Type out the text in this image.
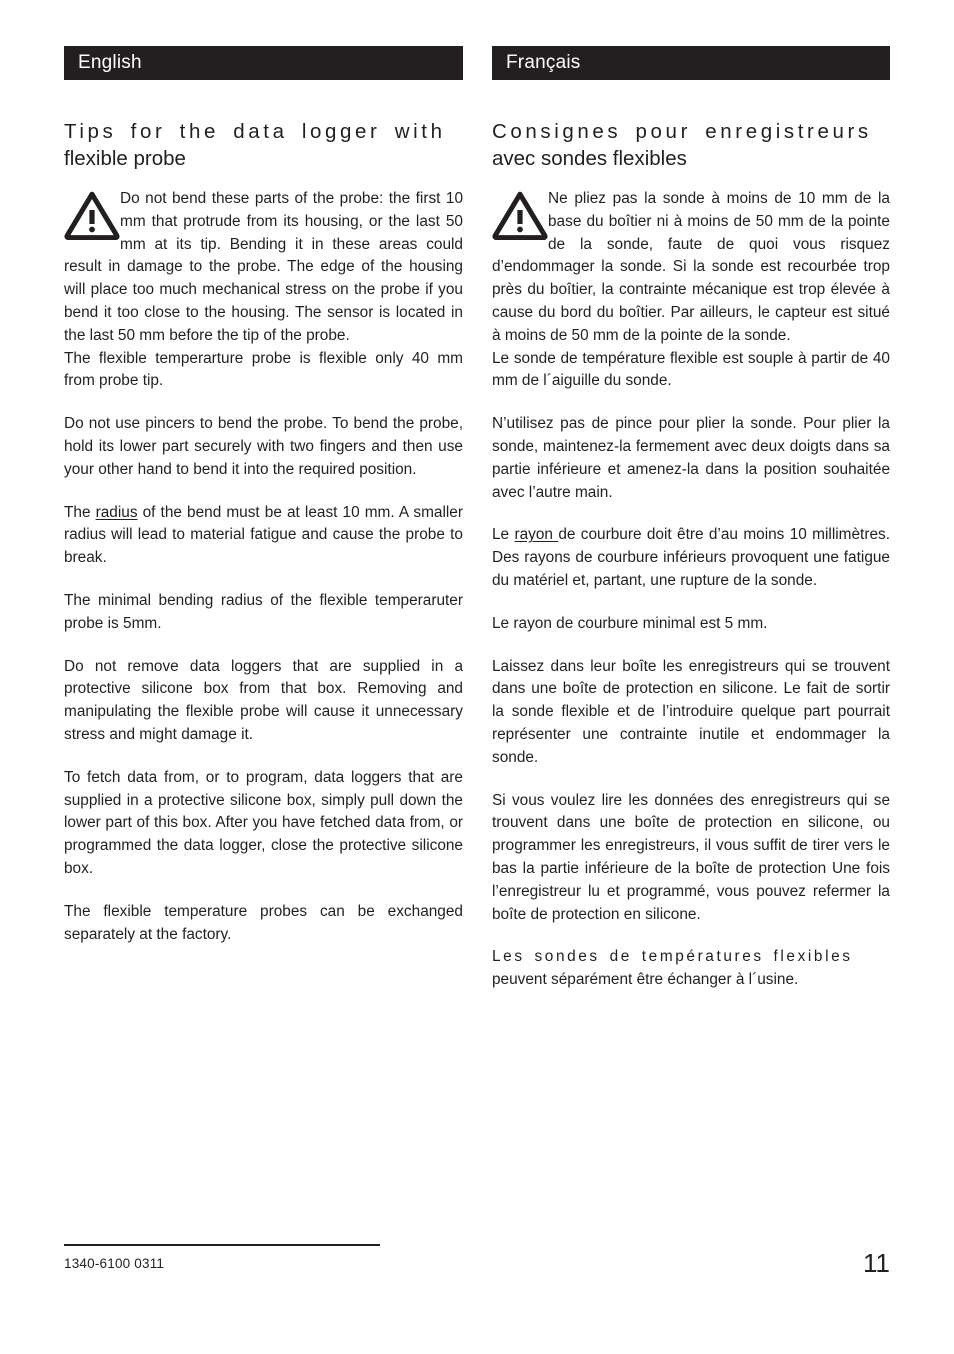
English	Français
Tips for the data logger with
flexible probe

Do not bend these parts of the probe: the first 10 mm that protrude from its housing, or the last 50 mm at its tip. Bending it in these areas could result in damage to the probe. The edge of the housing will place too much mechanical stress on the probe if you bend it too close to the housing. The sensor is located in the last 50 mm before the tip of the probe.

The flexible temperarture probe is flexible only 40 mm from probe tip.

Do not use pincers to bend the probe. To bend the probe, hold its lower part securely with two fingers and then use your other hand to bend it into the required position.

The radius of the bend must be at least 10 mm. A smaller radius will lead to material fatigue and cause the probe to break.

The minimal bending radius of the flexible temperaruter probe is 5mm.

Do not remove data loggers that are supplied in a protective silicone box from that box. Removing and manipulating the flexible probe will cause it unnecessary stress and might damage it.

To fetch data from, or to program, data loggers that are supplied in a protective silicone box, simply pull down the lower part of this box. After you have fetched data from, or programmed the data logger, close the protective silicone box.

The flexible temperature probes can be exchanged separately at the factory.

Consignes pour enregistreurs
avec sondes flexibles

Ne pliez pas la sonde à moins de 10 mm de la base du boîtier ni à moins de 50 mm de la pointe de la sonde, faute de quoi vous risquez d’endommager la sonde. Si la sonde est recourbée trop près du boîtier, la contrainte mécanique est trop élevée à cause du bord du boîtier. Par ailleurs, le capteur est situé à moins de 50 mm de la pointe de la sonde.

Le sonde de température flexible est souple à partir de 40 mm de l´aiguille du sonde.

N’utilisez pas de pince pour plier la sonde. Pour plier la sonde, maintenez-la fermement avec deux doigts dans sa partie inférieure et amenez-la dans la position souhaitée avec l’autre main.

Le rayon de courbure doit être d’au moins 10 millimètres. Des rayons de courbure inférieurs provoquent une fatigue du matériel et, partant, une rupture de la sonde.

Le rayon de courbure minimal est 5 mm.

Laissez dans leur boîte les enregistreurs qui se trouvent dans une boîte de protection en silicone. Le fait de sortir la sonde flexible et de l’introduire quelque part pourrait représenter une contrainte inutile et endommager la sonde.

Si vous voulez lire les données des enregistreurs qui se trouvent dans une boîte de protection en silicone, ou programmer les enregistreurs, il vous suffit de tirer vers le bas la partie inférieure de la boîte de protection Une fois l’enregistreur lu et programmé, vous pouvez refermer la boîte de protection en silicone.

Les sondes de températures flexibles
peuvent séparément être échanger à l´usine.

1340-6100 0311	11
